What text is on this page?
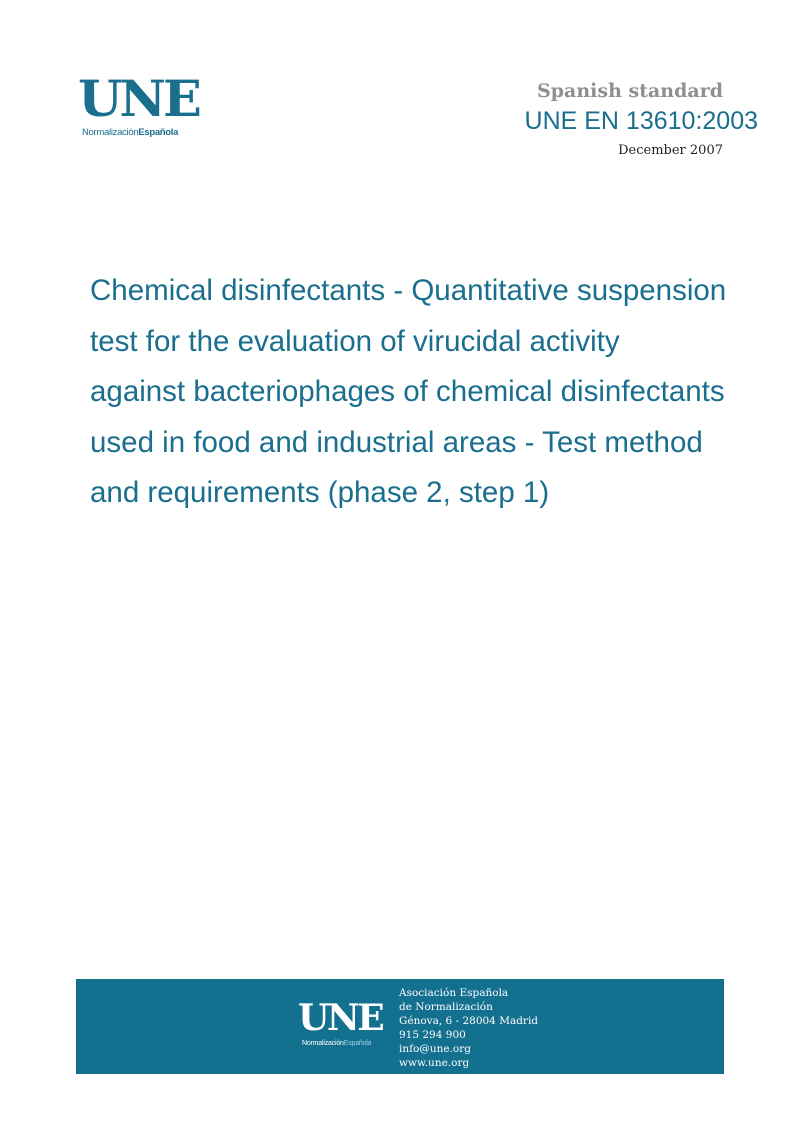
UNE
NormalizaciónEspañola
Spanish standard
UNE EN 13610:2003
December 2007
Chemical disinfectants - Quantitative suspension
test for the evaluation of virucidal activity
against bacteriophages of chemical disinfectants
used in food and industrial areas - Test method
and requirements (phase 2, step 1)
UNE
NormalizaciónEspañola
Asociación Española
de Normalización
Génova, 6 - 28004 Madrid
915 294 900
info@une.org
www.une.org
